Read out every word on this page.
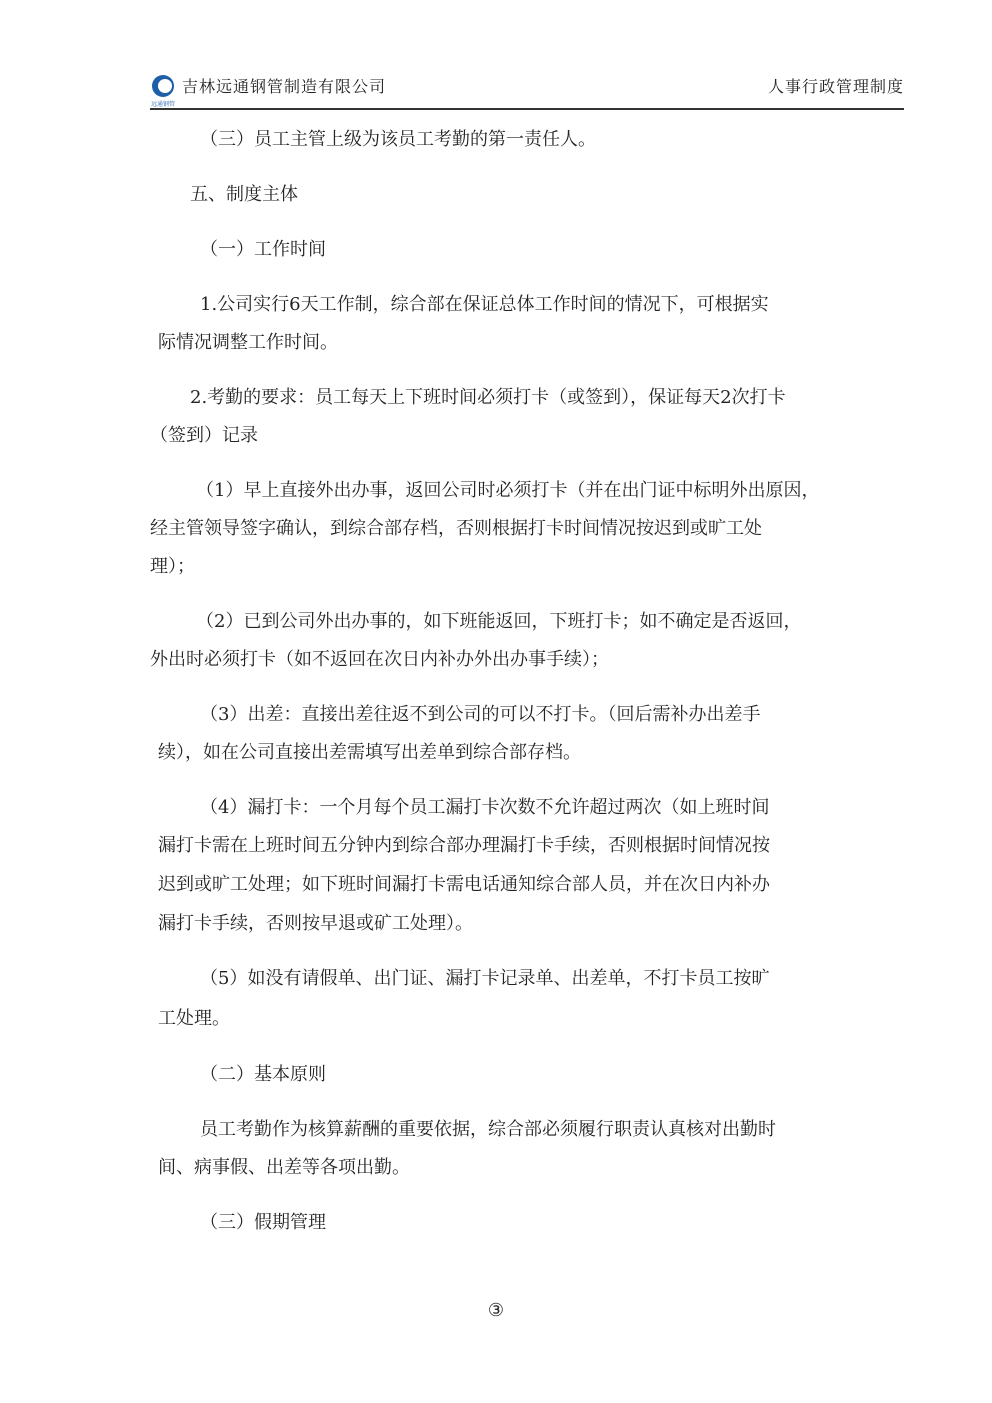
远通钢管
吉林远通钢管制造有限公司	人事行政管理制度
（三）员工主管上级为该员工考勤的第一责任人。
五、制度主体
（一）工作时间
1.公司实行6天工作制，综合部在保证总体工作时间的情况下，可根据实
际情况调整工作时间。
2.考勤的要求：员工每天上下班时间必须打卡（或签到），保证每天2次打卡
（签到）记录
（1）早上直接外出办事，返回公司时必须打卡（并在出门证中标明外出原因，
经主管领导签字确认，到综合部存档，否则根据打卡时间情况按迟到或旷工处
理）；
（2）已到公司外出办事的，如下班能返回，下班打卡；如不确定是否返回，
外出时必须打卡（如不返回在次日内补办外出办事手续）；
（3）出差：直接出差往返不到公司的可以不打卡。（回后需补办出差手
续），如在公司直接出差需填写出差单到综合部存档。
（4）漏打卡：一个月每个员工漏打卡次数不允许超过两次（如上班时间
漏打卡需在上班时间五分钟内到综合部办理漏打卡手续，否则根据时间情况按
迟到或旷工处理；如下班时间漏打卡需电话通知综合部人员，并在次日内补办
漏打卡手续，否则按早退或矿工处理）。
（5）如没有请假单、出门证、漏打卡记录单、出差单，不打卡员工按旷
工处理。
（二）基本原则
员工考勤作为核算薪酬的重要依据，综合部必须履行职责认真核对出勤时
间、病事假、出差等各项出勤。
（三）假期管理
③
